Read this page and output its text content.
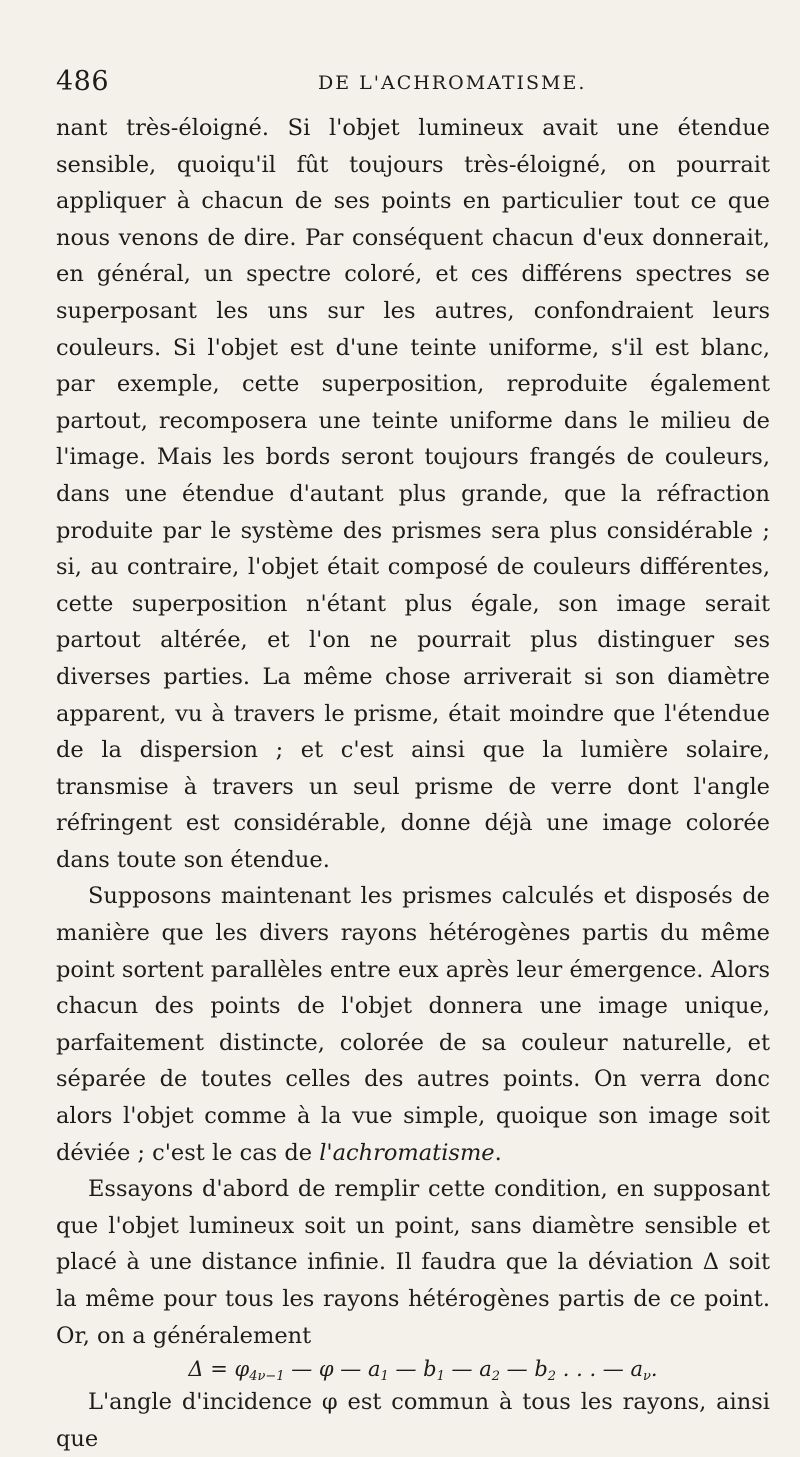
486	DE L'ACHROMATISME.

nant très-éloigné. Si l'objet lumineux avait une étendue sensible, quoiqu'il fût toujours très-éloigné, on pourrait appliquer à chacun de ses points en particulier tout ce que nous venons de dire. Par conséquent chacun d'eux donnerait, en général, un spectre coloré, et ces différens spectres se superposant les uns sur les autres, confondraient leurs couleurs. Si l'objet est d'une teinte uniforme, s'il est blanc, par exemple, cette superposition, reproduite également partout, recomposera une teinte uniforme dans le milieu de l'image. Mais les bords seront toujours frangés de couleurs, dans une étendue d'autant plus grande, que la réfraction produite par le système des prismes sera plus considérable ; si, au contraire, l'objet était composé de couleurs différentes, cette superposition n'étant plus égale, son image serait partout altérée, et l'on ne pourrait plus distinguer ses diverses parties. La même chose arriverait si son diamètre apparent, vu à travers le prisme, était moindre que l'étendue de la dispersion ; et c'est ainsi que la lumière solaire, transmise à travers un seul prisme de verre dont l'angle réfringent est considérable, donne déjà une image colorée dans toute son étendue.

Supposons maintenant les prismes calculés et disposés de manière que les divers rayons hétérogènes partis du même point sortent parallèles entre eux après leur émergence. Alors chacun des points de l'objet donnera une image unique, parfaitement distincte, colorée de sa couleur naturelle, et séparée de toutes celles des autres points. On verra donc alors l'objet comme à la vue simple, quoique son image soit déviée ; c'est le cas de l'achromatisme.

Essayons d'abord de remplir cette condition, en supposant que l'objet lumineux soit un point, sans diamètre sensible et placé à une distance infinie. Il faudra que la déviation Δ soit la même pour tous les rayons hétérogènes partis de ce point. Or, on a généralement

$\Delta = \varphi_{4\nu-1}$ — φ — $a_1$ — $b_1$ — $a_2$ — $b_2$ . . . — $a_\nu$.

L'angle d'incidence φ est commun à tous les rayons, ainsi que
